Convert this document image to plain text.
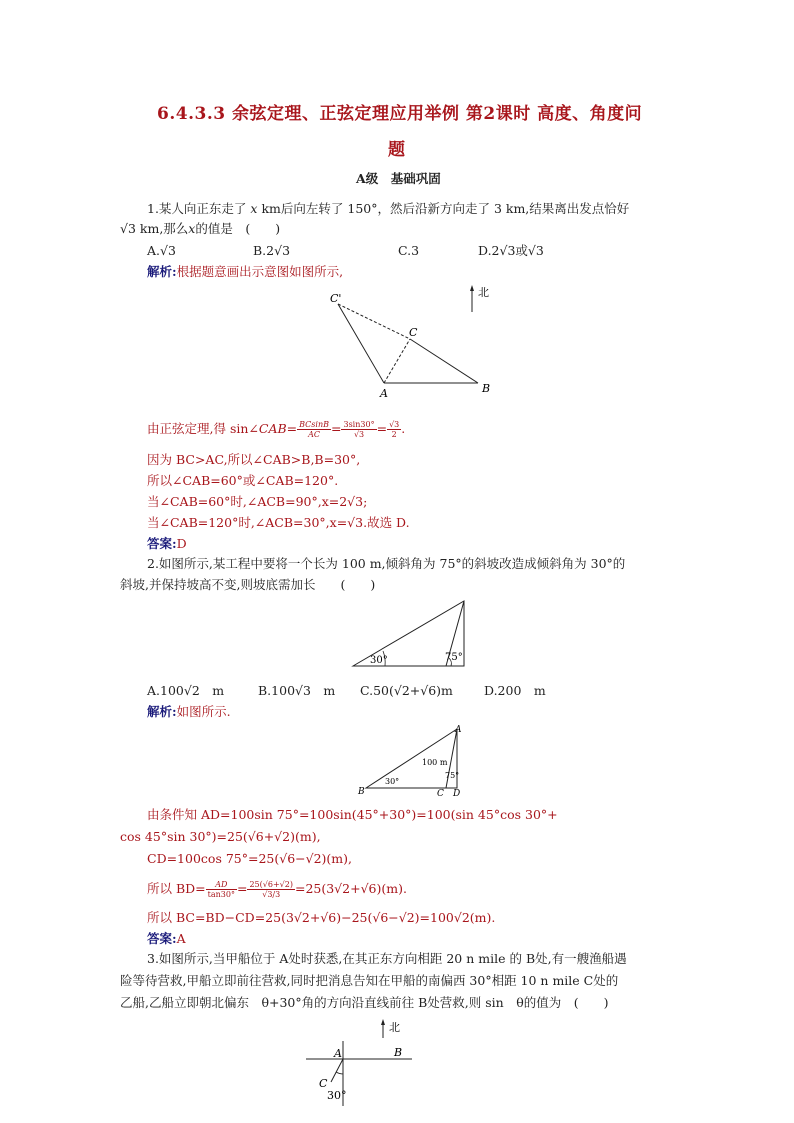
6.4.3.3 余弦定理、正弦定理应用举例 第2课时 高度、角度问
题
A级　基础巩固
1.某人向正东走了 x km后向左转了 150°，然后沿新方向走了 3 km,结果离出发点恰好
√3 km,那么x的值是　(　　)
A.√3	B.2√3	C.3	D.2√3或√3
解析:根据题意画出示意图如图所示,
北
C'
C
A	B
由正弦定理,得 sin∠CAB= $\frac{BCsinB}{AC} = \frac{3\sin 30^\circ}{√3} = \frac{√3}{2}$ .
因为 BC>AC,所以∠CAB>B,B=30°,
所以∠CAB=60°或∠CAB=120°.
当∠CAB=60°时,∠ACB=90°,x=2√3;
当∠CAB=120°时,∠ACB=30°,x=√3.故选 D.
答案:D
2.如图所示,某工程中要将一个长为 100 m,倾斜角为 75°的斜坡改造成倾斜角为 30°的
斜坡,并保持坡高不变,则坡底需加长　　(　　)
30°	75°
A.100√2　m	B.100√3　m C.50(√2+√6)m D.200　m
解析:如图所示.
A
B	C D
100 m
30°
75°
由条件知 AD=100sin 75°=100sin(45°+30°)=100(sin 45°cos 30°+
cos 45°sin 30°)=25(√6+√2)(m),
CD=100cos 75°=25(√6−√2)(m),
所以 $BD= \frac{AD}{\tan 30^\circ} = \frac{25(√6+√2)}{√3/3} =25(3√2+√6)(m)$.
所以 BC=BD−CD=25(3√2+√6)−25(√6−√2)=100√2(m).
答案:A
3.如图所示,当甲船位于 A处时获悉,在其正东方向相距 20 n mile 的 B处,有一艘渔船遇
险等待营救,甲船立即前往营救,同时把消息告知在甲船的南偏西 30°相距 10 n mile C处的
乙船,乙船立即朝北偏东　θ+30°角的方向沿直线前往 B处营救,则 sin　θ的值为　(　　)
北
A	B
C
30°
